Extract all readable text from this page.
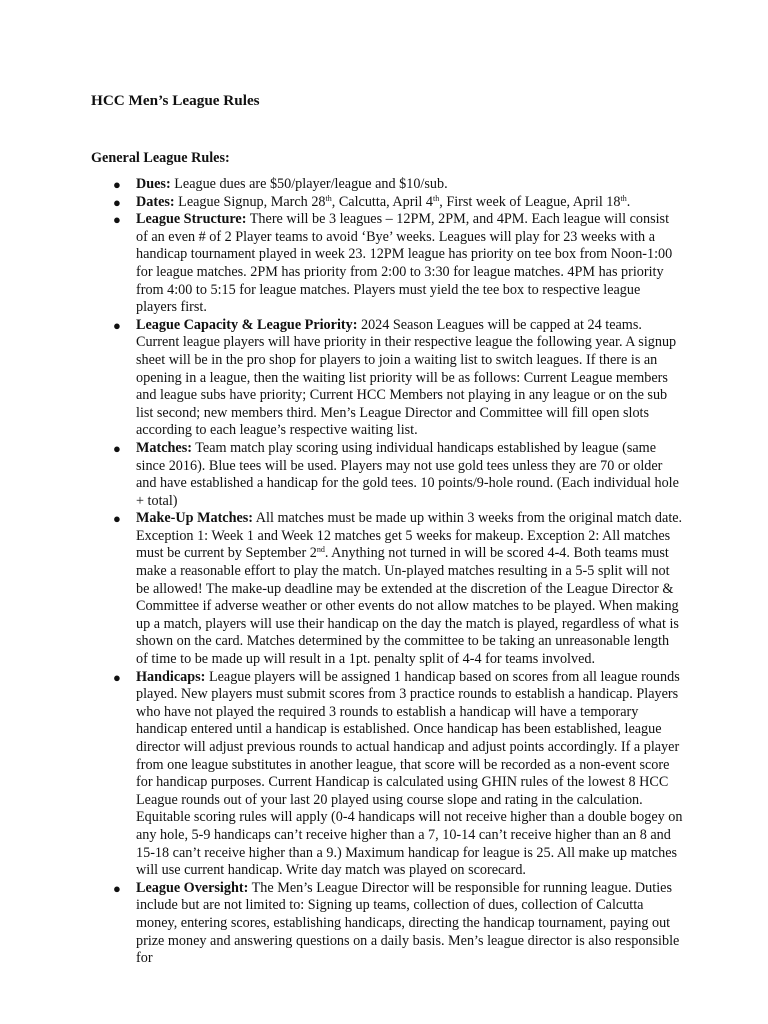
HCC Men’s League Rules
General League Rules:
● Dues: League dues are $50/player/league and $10/sub.
● Dates: League Signup, March 28th, Calcutta, April 4th, First week of League, April 18th.
● League Structure: There will be 3 leagues – 12PM, 2PM, and 4PM. Each league will consist of an even # of 2 Player teams to avoid ‘Bye’ weeks. Leagues will play for 23 weeks with a handicap tournament played in week 23. 12PM league has priority on tee box from Noon-1:00 for league matches. 2PM has priority from 2:00 to 3:30 for league matches. 4PM has priority from 4:00 to 5:15 for league matches. Players must yield the tee box to respective league players first.
● League Capacity & League Priority: 2024 Season Leagues will be capped at 24 teams. Current league players will have priority in their respective league the following year. A signup sheet will be in the pro shop for players to join a waiting list to switch leagues. If there is an opening in a league, then the waiting list priority will be as follows: Current League members and league subs have priority; Current HCC Members not playing in any league or on the sub list second; new members third. Men’s League Director and Committee will fill open slots according to each league’s respective waiting list.
● Matches: Team match play scoring using individual handicaps established by league (same since 2016). Blue tees will be used. Players may not use gold tees unless they are 70 or older and have established a handicap for the gold tees. 10 points/9-hole round. (Each individual hole + total)
● Make-Up Matches: All matches must be made up within 3 weeks from the original match date. Exception 1: Week 1 and Week 12 matches get 5 weeks for makeup. Exception 2: All matches must be current by September 2nd. Anything not turned in will be scored 4-4. Both teams must make a reasonable effort to play the match. Un-played matches resulting in a 5-5 split will not be allowed! The make-up deadline may be extended at the discretion of the League Director & Committee if adverse weather or other events do not allow matches to be played. When making up a match, players will use their handicap on the day the match is played, regardless of what is shown on the card. Matches determined by the committee to be taking an unreasonable length of time to be made up will result in a 1pt. penalty split of 4-4 for teams involved.
● Handicaps: League players will be assigned 1 handicap based on scores from all league rounds played. New players must submit scores from 3 practice rounds to establish a handicap. Players who have not played the required 3 rounds to establish a handicap will have a temporary handicap entered until a handicap is established. Once handicap has been established, league director will adjust previous rounds to actual handicap and adjust points accordingly. If a player from one league substitutes in another league, that score will be recorded as a non-event score for handicap purposes. Current Handicap is calculated using GHIN rules of the lowest 8 HCC League rounds out of your last 20 played using course slope and rating in the calculation. Equitable scoring rules will apply (0-4 handicaps will not receive higher than a double bogey on any hole, 5-9 handicaps can’t receive higher than a 7, 10-14 can’t receive higher than an 8 and 15-18 can’t receive higher than a 9.) Maximum handicap for league is 25. All make up matches will use current handicap. Write day match was played on scorecard.
● League Oversight: The Men’s League Director will be responsible for running league. Duties include but are not limited to: Signing up teams, collection of dues, collection of Calcutta money, entering scores, establishing handicaps, directing the handicap tournament, paying out prize money and answering questions on a daily basis. Men’s league director is also responsible for
